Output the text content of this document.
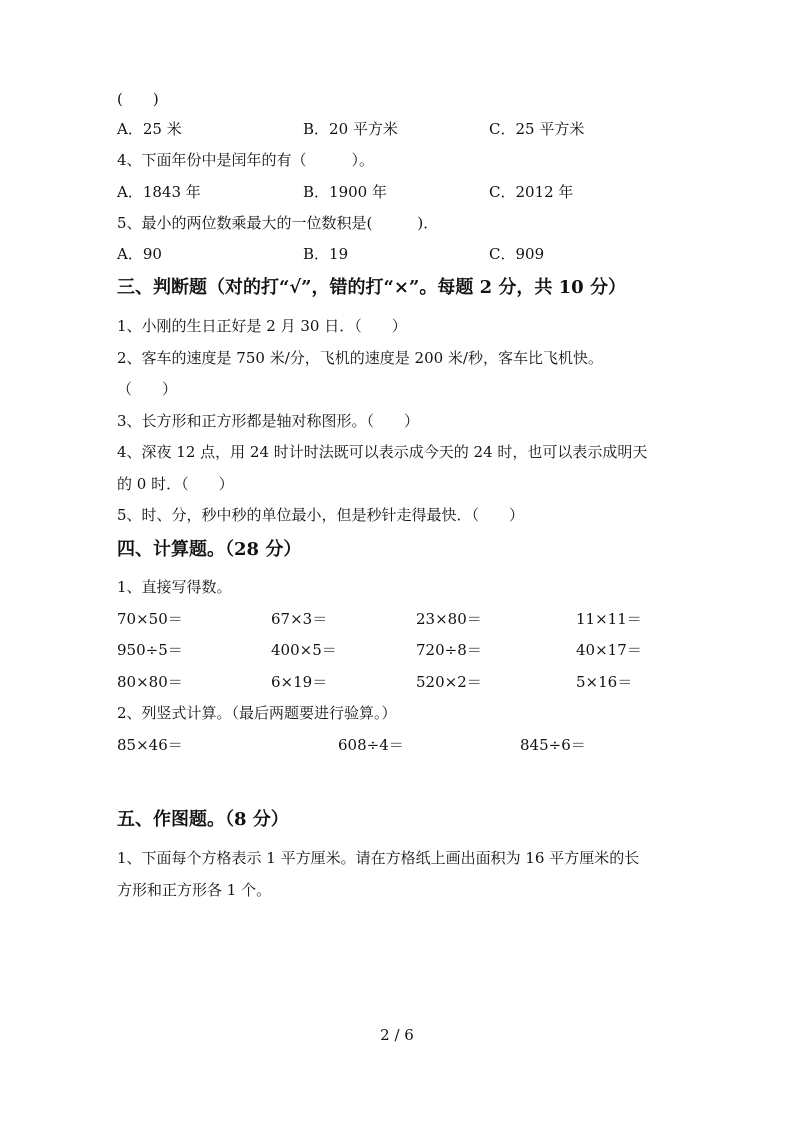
(　　)
A．25 米	B．20 平方米	C．25 平方米
4、下面年份中是闰年的有（　　　）。
A．1843 年	B．1900 年	C．2012 年
5、最小的两位数乘最大的一位数积是(　　　)．
A．90	B．19	C．909
三、判断题（对的打“√”，错的打“×”。每题 2 分，共 10 分）
1、小刚的生日正好是 2 月 30 日．（　　）
2、客车的速度是 750 米/分，飞机的速度是 200 米/秒，客车比飞机快。
（　　）
3、长方形和正方形都是轴对称图形。（　　）
4、深夜 12 点，用 24 时计时法既可以表示成今天的 24 时，也可以表示成明天
的 0 时．（　　）
5、时、分，秒中秒的单位最小，但是秒针走得最快．（　　）
四、计算题。（28 分）
1、直接写得数。
70×50＝	67×3＝	23×80＝	11×11＝
950÷5＝	400×5＝	720÷8＝	40×17＝
80×80＝	6×19＝	520×2＝	5×16＝
2、列竖式计算。（最后两题要进行验算。）
85×46＝	608÷4＝	845÷6＝
五、作图题。（8 分）
1、下面每个方格表示 1 平方厘米。请在方格纸上画出面积为 16 平方厘米的长
方形和正方形各 1 个。
2 / 6
